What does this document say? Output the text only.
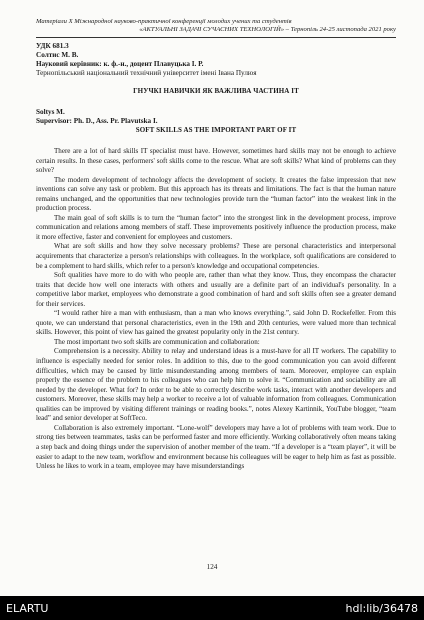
Матеріали Х Міжнародної науково-практичної конференції молодих учених та студентів
«АКТУАЛЬНІ ЗАДАЧІ СУЧАСНИХ ТЕХНОЛОГІЙ» – Тернопіль 24-25 листопада 2021 року
УДК 681.3
Солтис М. В.
Науковий керівник: к. ф.-н., доцент Плавуцька І. Р.
Тернопільський національний технічний університет імені Івана Пулюя
ГНУЧКІ НАВИЧКИ ЯК ВАЖЛИВА ЧАСТИНА ІТ
Soltys M.
Supervisor: Ph. D., Ass. Pr. Plavutska I.
SOFT SKILLS AS THE IMPORTANT PART OF IT

There are a lot of hard skills IT specialist must have. However, sometimes hard skills may not be enough to achieve certain results. In these cases, performers' soft skills come to the rescue. What are soft skills? What kind of problems can they solve?

The modern development of technology affects the development of society. It creates the false impression that new inventions can solve any task or problem. But this approach has its threats and limitations. The fact is that the human nature remains unchanged, and the opportunities that new technologies provide turn the “human factor” into the weakest link in the production process.

The main goal of soft skills is to turn the “human factor” into the strongest link in the development process, improve communication and relations among members of staff. These improvements positively influence the production process, make it more effective, faster and convenient for employees and customers.

What are soft skills and how they solve necessary problems? These are personal characteristics and interpersonal acquirements that characterize a person's relationships with colleagues. In the workplace, soft qualifications are considered to be a complement to hard skills, which refer to a person's knowledge and occupational competencies.

Soft qualities have more to do with who people are, rather than what they know. Thus, they encompass the character traits that decide how well one interacts with others and usually are a definite part of an individual's personality. In a competitive labor market, employees who demonstrate a good combination of hard and soft skills often see a greater demand for their services.

“I would rather hire a man with enthusiasm, than a man who knows everything.”, said John D. Rockefeller. From this quote, we can understand that personal characteristics, even in the 19th and 20th centuries, were valued more than technical skills. However, this point of view has gained the greatest popularity only in the 21st century.

The most important two soft skills are communication and collaboration:

Comprehension is a necessity. Ability to relay and understand ideas is a must-have for all IT workers. The capability to influence is especially needed for senior roles. In addition to this, due to the good communication you can avoid different difficulties, which may be caused by little misunderstanding among members of team. Moreover, employee can explain properly the essence of the problem to his colleagues who can help him to solve it. “Communication and sociability are all needed by the developer. What for? In order to be able to correctly describe work tasks, interact with another developers and customers. Moreover, these skills may help a worker to receive a lot of valuable information from colleagues. Communication qualities can be improved by visiting different trainings or reading books.”, notes Alexey Kartinnik, YouTube blogger, “team lead” and senior developer at SoftTeco.

Collaboration is also extremely important. “Lone-wolf” developers may have a lot of problems with team work. Due to strong ties between teammates, tasks can be performed faster and more efficiently. Working collaboratively often means taking a step back and doing things under the supervision of another member of the team. “If a developer is a “team player”, it will be easier to adapt to the new team, workflow and environment because his colleagues will be eager to help him as fast as possible. Unless he likes to work in a team, employee may have misunderstandings

124
ELARTU	hdl:lib/36478
